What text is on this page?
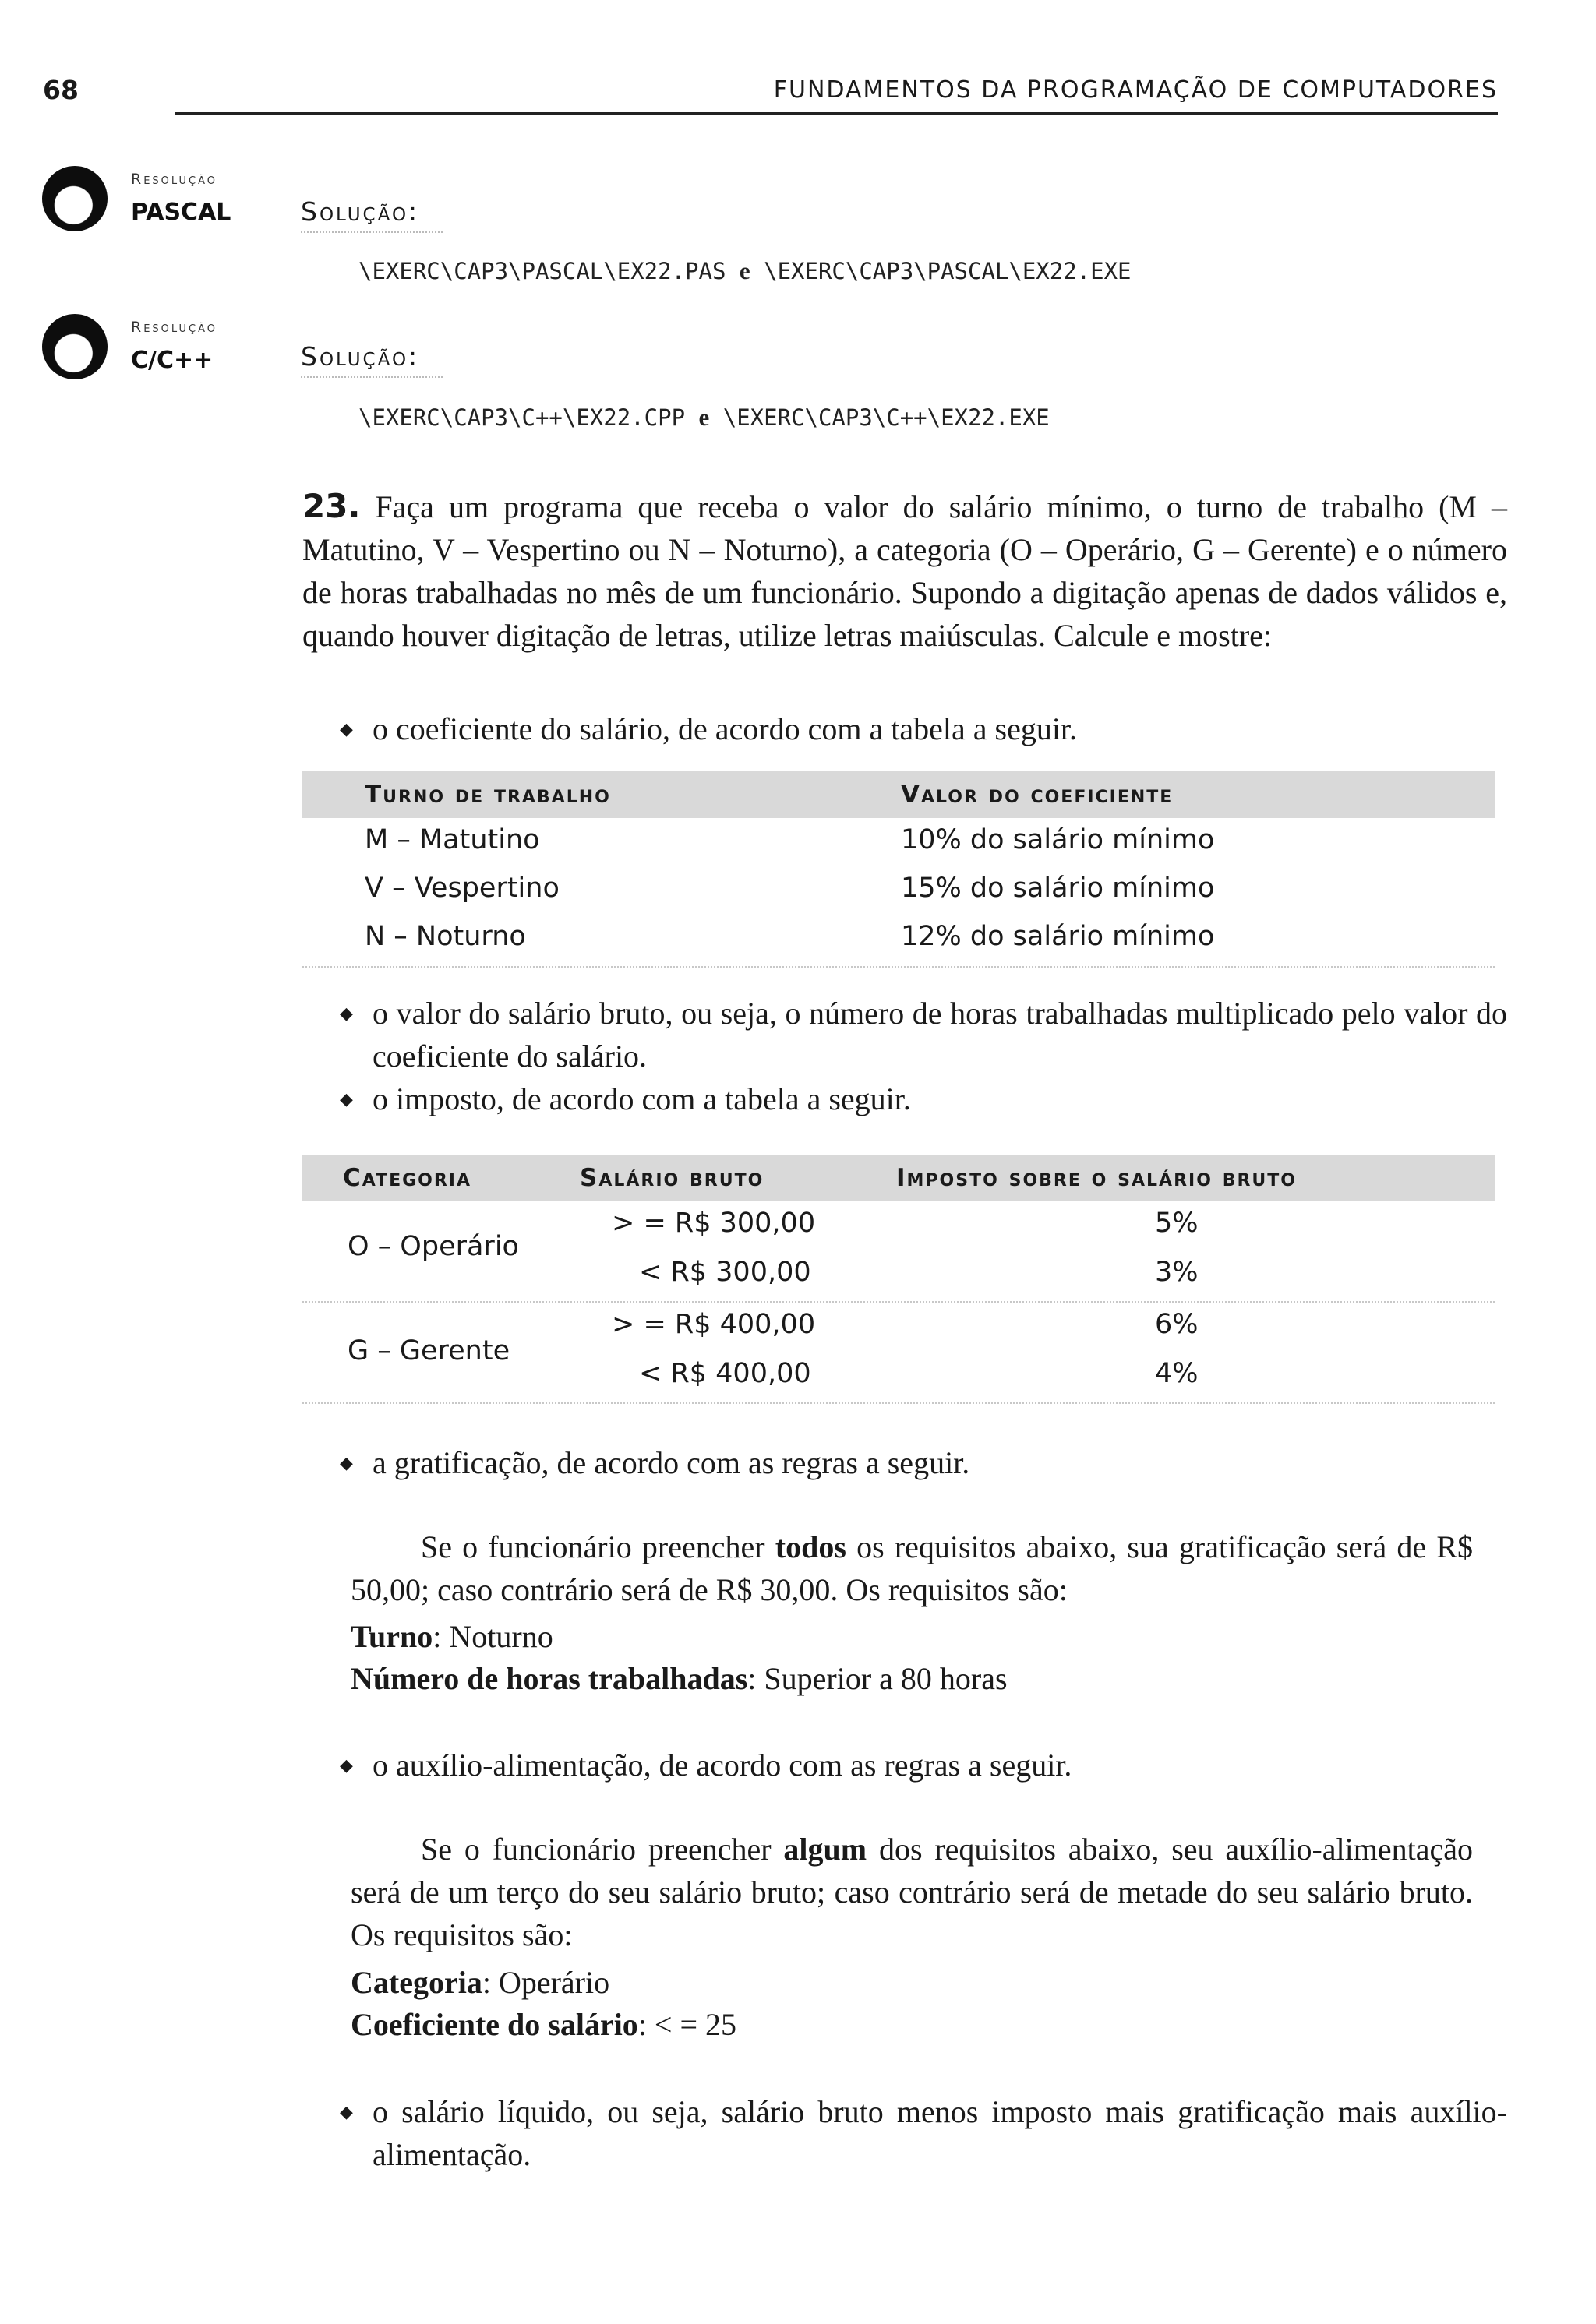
68	FUNDAMENTOS DA PROGRAMAÇÃO DE COMPUTADORES
Resolução
PASCAL	Solução:
\EXERC\CAP3\PASCAL\EX22.PAS e \EXERC\CAP3\PASCAL\EX22.EXE
Resolução
C/C++	Solução:
\EXERC\CAP3\C++\EX22.CPP e \EXERC\CAP3\C++\EX22.EXE
23. Faça um programa que receba o valor do salário mínimo, o turno de trabalho (M – Matutino, V – Vespertino ou N – Noturno), a categoria (O – Operário, G – Gerente) e o número de horas trabalhadas no mês de um funcionário. Supondo a digitação apenas de dados válidos e, quando houver digitação de letras, utilize letras maiúsculas. Calcule e mostre:
◆ o coeficiente do salário, de acordo com a tabela a seguir.
Turno de trabalho	Valor do coeficiente
M – Matutino	10% do salário mínimo
V – Vespertino	15% do salário mínimo
N – Noturno	12% do salário mínimo
◆ o valor do salário bruto, ou seja, o número de horas trabalhadas multiplicado pelo valor do coeficiente do salário.
◆ o imposto, de acordo com a tabela a seguir.
Categoria	Salário bruto	Imposto sobre o salário bruto
O – Operário
> = R$ 300,00	5%
< R$ 300,00	3%
G – Gerente
> = R$ 400,00	6%
< R$ 400,00	4%
◆ a gratificação, de acordo com as regras a seguir.
Se o funcionário preencher todos os requisitos abaixo, sua gratificação será de R$ 50,00; caso contrário será de R$ 30,00. Os requisitos são:
Turno: Noturno
Número de horas trabalhadas: Superior a 80 horas
◆ o auxílio-alimentação, de acordo com as regras a seguir.
Se o funcionário preencher algum dos requisitos abaixo, seu auxílio-alimentação será de um terço do seu salário bruto; caso contrário será de metade do seu salário bruto. Os requisitos são:
Categoria: Operário
Coeficiente do salário: < = 25
◆ o salário líquido, ou seja, salário bruto menos imposto mais gratificação mais auxílio-alimentação.
